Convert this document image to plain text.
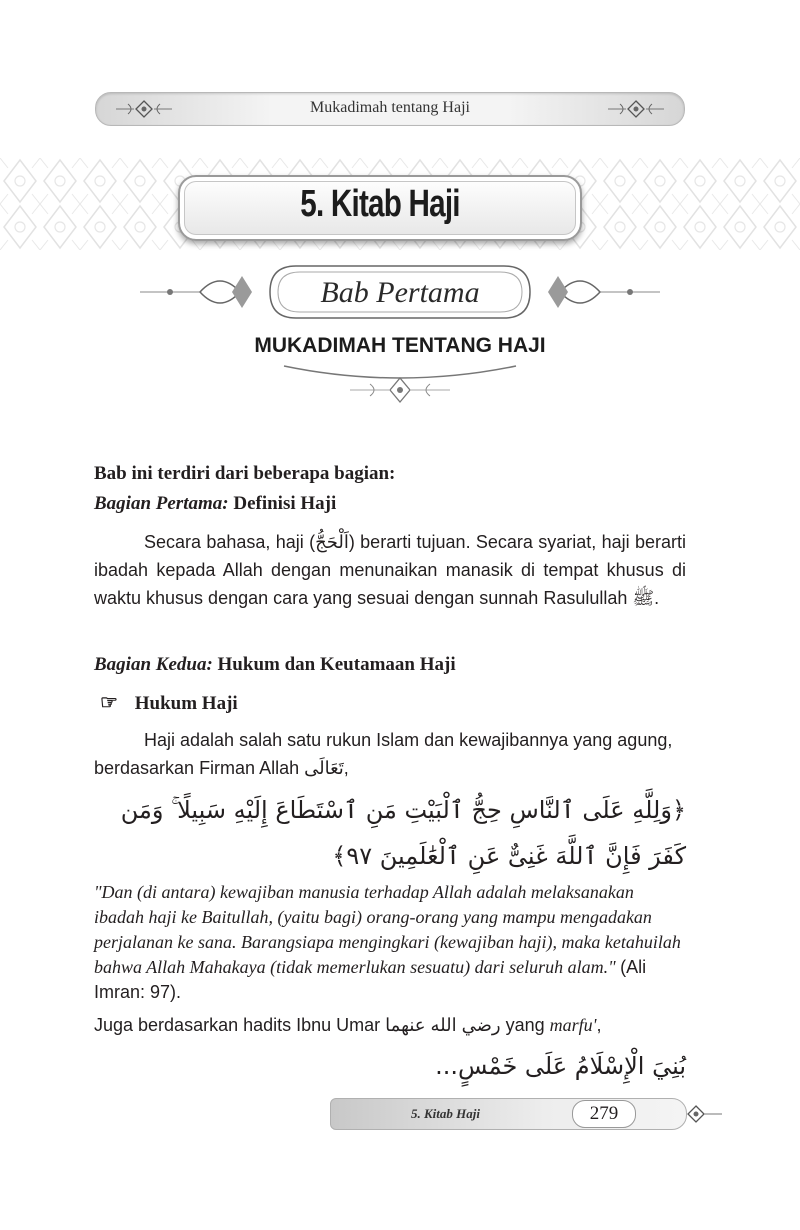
Mukadimah tentang Haji
5. Kitab Haji
Bab Pertama
MUKADIMAH TENTANG HAJI
Bab ini terdiri dari beberapa bagian:
Bagian Pertama: Definisi Haji
Secara bahasa, haji (اَلْحَجُّ) berarti tujuan. Secara syariat, haji berarti ibadah kepada Allah dengan menunaikan manasik di tempat khusus di waktu khusus dengan cara yang sesuai dengan sunnah Rasulullah ﷺ.
Bagian Kedua: Hukum dan Keutamaan Haji
☞ Hukum Haji
Haji adalah salah satu rukun Islam dan kewajibannya yang agung, berdasarkan Firman Allah تَعَالَى,
﴿وَلِلَّهِ عَلَى ٱلنَّاسِ حِجُّ ٱلْبَيْتِ مَنِ ٱسْتَطَاعَ إِلَيْهِ سَبِيلًا ۚ وَمَن كَفَرَ فَإِنَّ ٱللَّهَ غَنِىٌّ عَنِ ٱلْعَٰلَمِينَ ٩٧﴾
"Dan (di antara) kewajiban manusia terhadap Allah adalah melaksanakan ibadah haji ke Baitullah, (yaitu bagi) orang-orang yang mampu mengadakan perjalanan ke sana. Barangsiapa mengingkari (kewajiban haji), maka ketahuilah bahwa Allah Mahakaya (tidak memerlukan sesuatu) dari seluruh alam." (Ali Imran: 97).
Juga berdasarkan hadits Ibnu Umar رضي الله عنهما yang marfu',
بُنِيَ الْإِسْلَامُ عَلَى خَمْسٍ...
5. Kitab Haji	279
